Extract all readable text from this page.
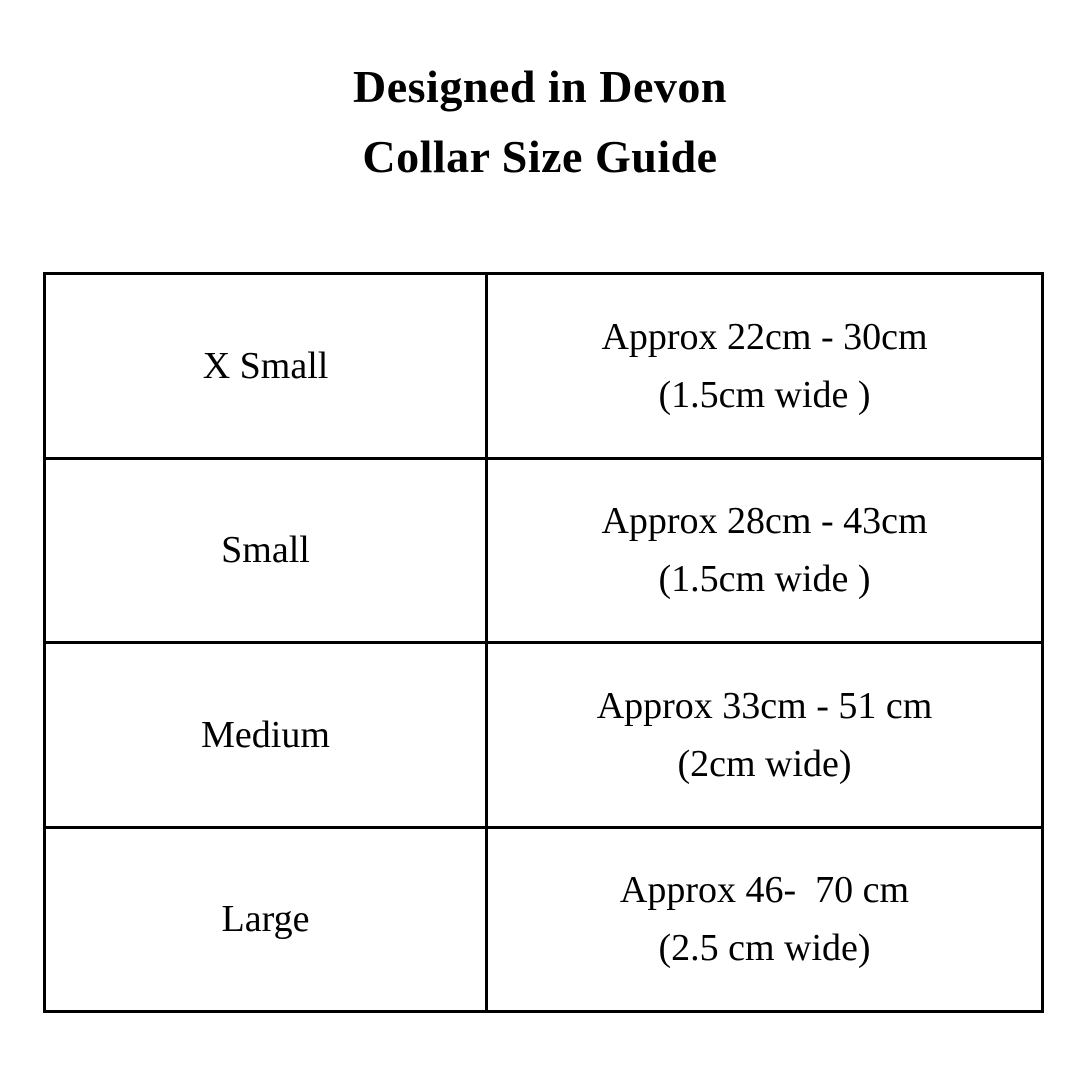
Designed in Devon
Collar Size Guide
X Small	Approx 22cm - 30cm
(1.5cm wide )

Small	Approx 28cm - 43cm
(1.5cm wide )

Medium	Approx 33cm - 51 cm
(2cm wide)

Large	Approx 46-  70 cm
(2.5 cm wide)
